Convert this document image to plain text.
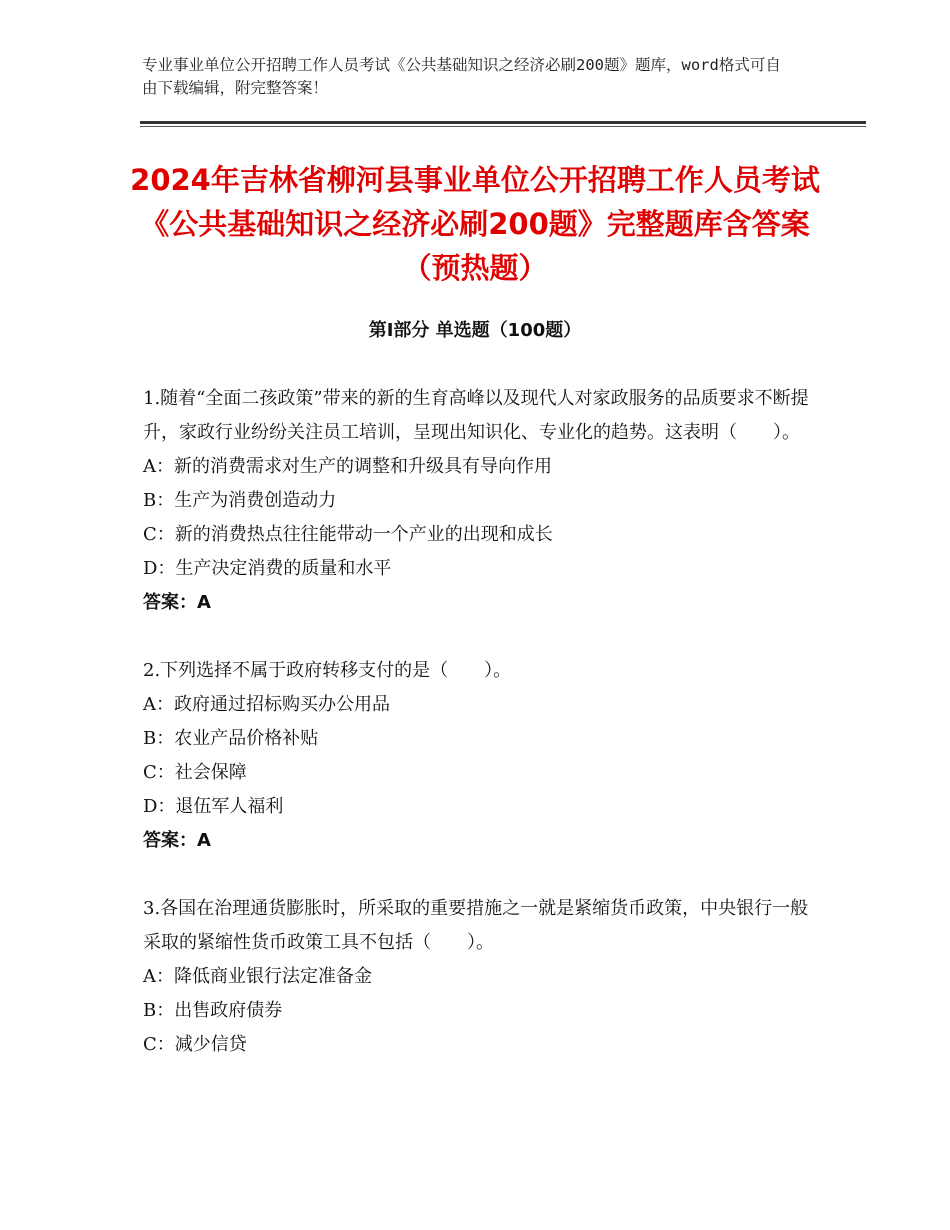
专业事业单位公开招聘工作人员考试《公共基础知识之经济必刷200题》题库，word格式可自由下载编辑，附完整答案！
2024年吉林省柳河县事业单位公开招聘工作人员考试《公共基础知识之经济必刷200题》完整题库含答案（预热题）
第Ⅰ部分 单选题（100题）
1.随着“全面二孩政策”带来的新的生育高峰以及现代人对家政服务的品质要求不断提升，家政行业纷纷关注员工培训，呈现出知识化、专业化的趋势。这表明（　　）。
A：新的消费需求对生产的调整和升级具有导向作用
B：生产为消费创造动力
C：新的消费热点往往能带动一个产业的出现和成长
D：生产决定消费的质量和水平
答案：A
2.下列选择不属于政府转移支付的是（　　）。
A：政府通过招标购买办公用品
B：农业产品价格补贴
C：社会保障
D：退伍军人福利
答案：A
3.各国在治理通货膨胀时，所采取的重要措施之一就是紧缩货币政策，中央银行一般采取的紧缩性货币政策工具不包括（　　）。
A：降低商业银行法定准备金
B：出售政府债券
C：减少信贷
